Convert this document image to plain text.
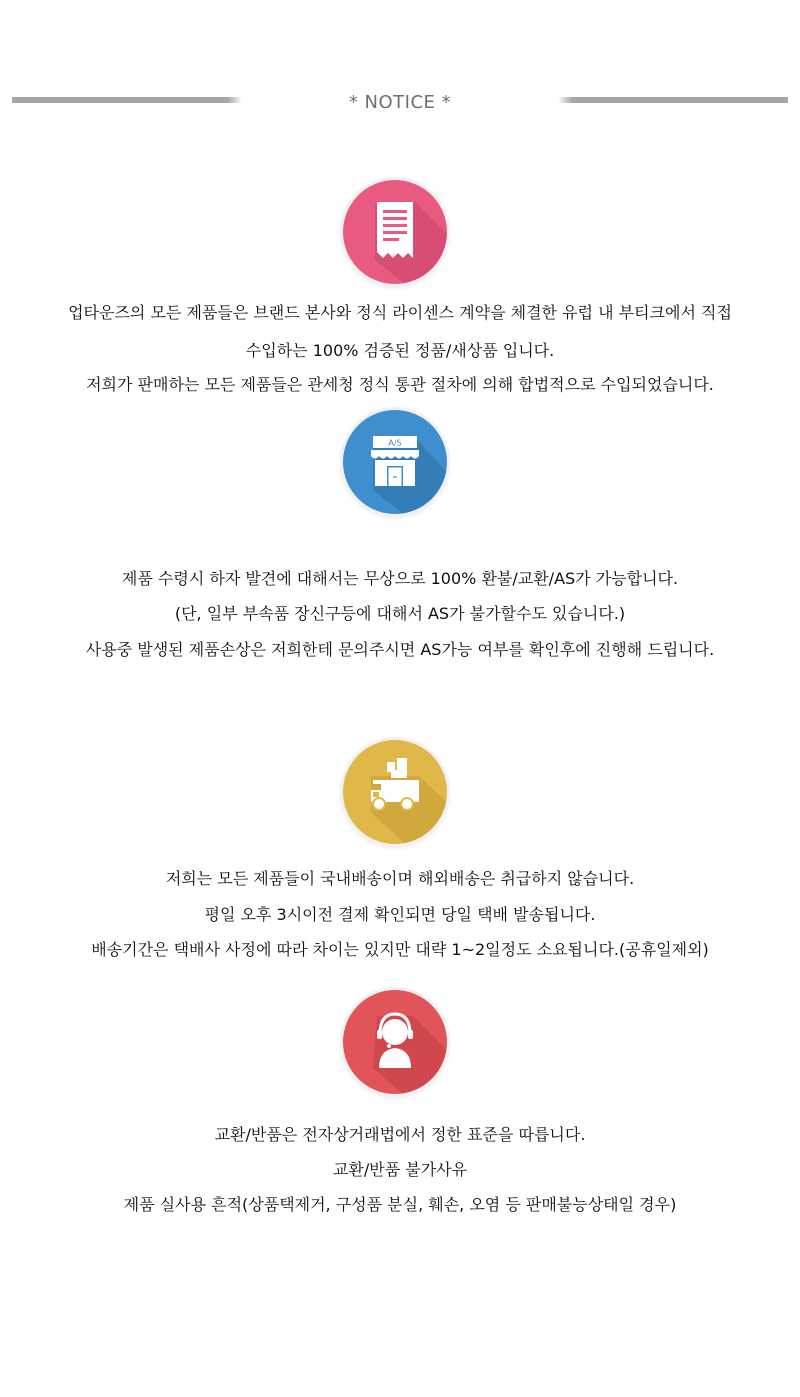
* NOTICE *
업타운즈의 모든 제품들은 브랜드 본사와 정식 라이센스 계약을 체결한 유럽 내 부티크에서 직접
수입하는 100% 검증된 정품/새상품 입니다.
저희가 판매하는 모든 제품들은 관세청 정식 통관 절차에 의해 합법적으로 수입되었습니다.
A/S
제품 수령시 하자 발견에 대해서는 무상으로 100% 환불/교환/AS가 가능합니다.
(단, 일부 부속품 장신구등에 대해서 AS가 불가할수도 있습니다.)
사용중 발생된 제품손상은 저희한테 문의주시면 AS가능 여부를 확인후에 진행해 드립니다.
저희는 모든 제품들이 국내배송이며 해외배송은 취급하지 않습니다.
평일 오후 3시이전 결제 확인되면 당일 택배 발송됩니다.
배송기간은 택배사 사정에 따라 차이는 있지만 대략 1~2일정도 소요됩니다.(공휴일제외)
교환/반품은 전자상거래법에서 정한 표준을 따릅니다.
교환/반품 불가사유
제품 실사용 흔적(상품택제거, 구성품 분실, 훼손, 오염 등 판매불능상태일 경우)
